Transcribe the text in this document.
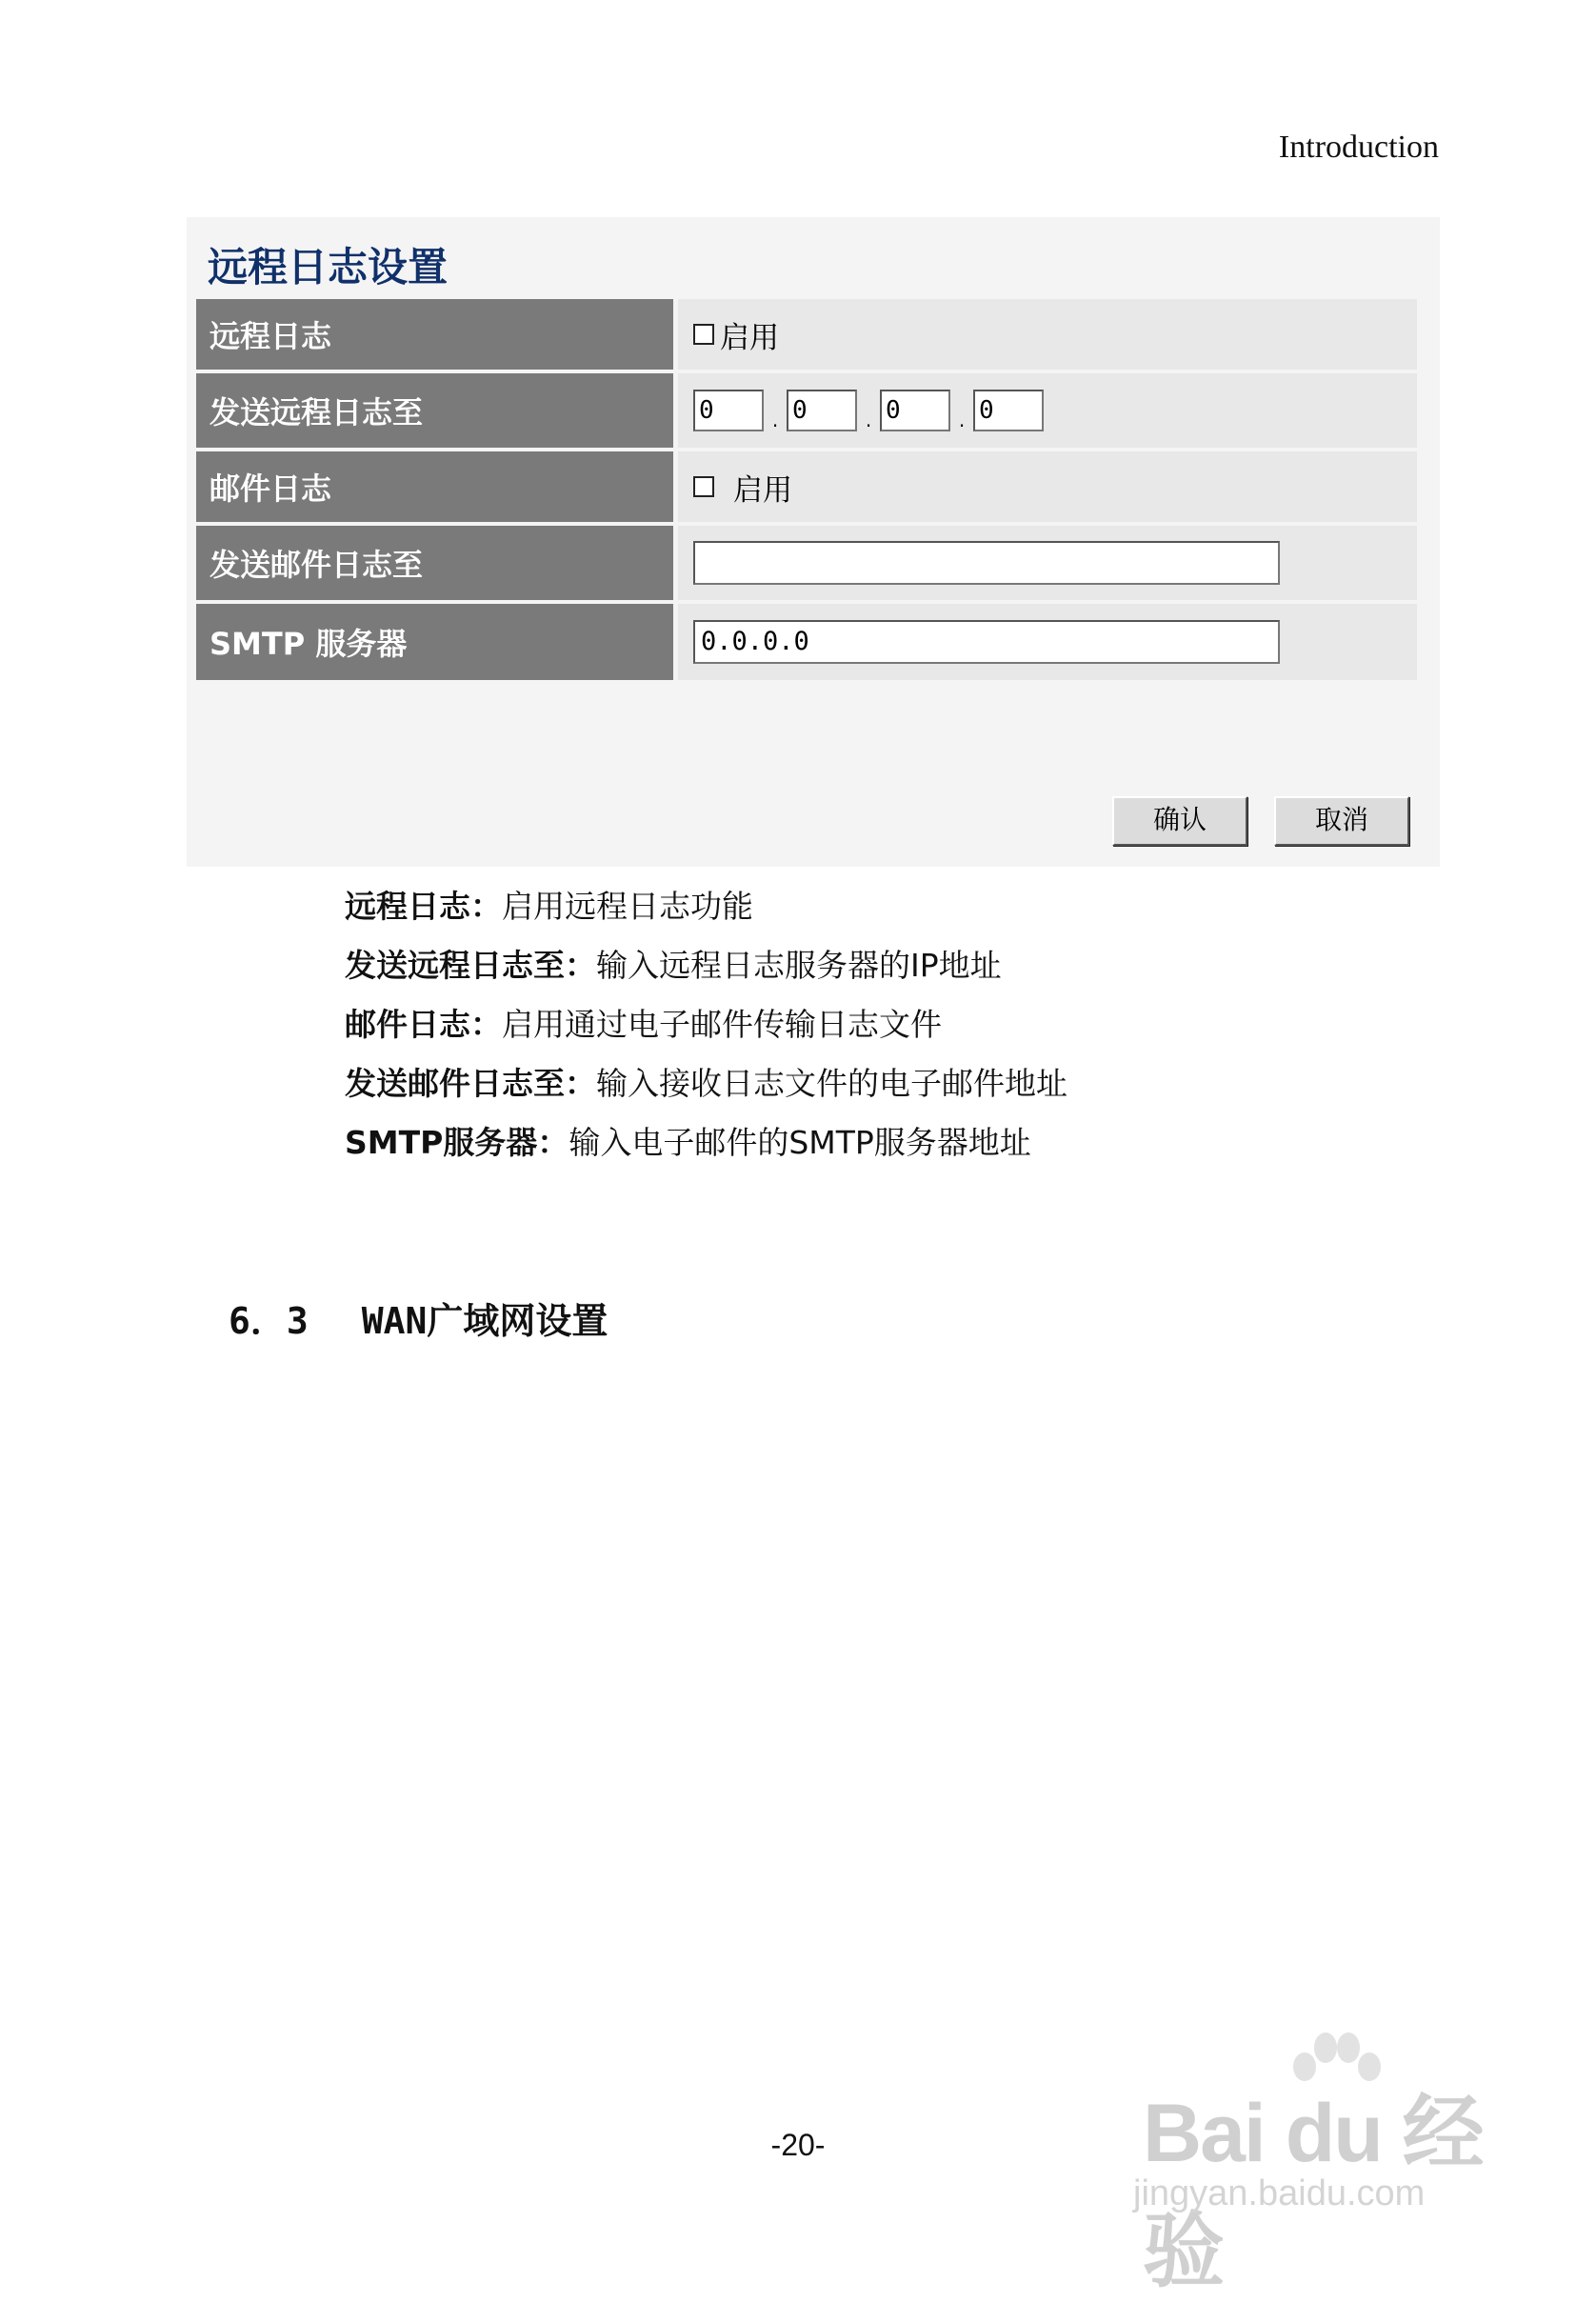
Introduction
远程日志设置
远程日志	启用
发送远程日志至	0 . 0 . 0 . 0
邮件日志	启用
发送邮件日志至	
SMTP 服务器	0.0.0.0
确认	取消
远程日志：启用远程日志功能
发送远程日志至：输入远程日志服务器的IP地址
邮件日志：启用通过电子邮件传输日志文件
发送邮件日志至：输入接收日志文件的电子邮件地址
SMTP服务器：输入电子邮件的SMTP服务器地址
6．3 WAN广域网设置
-20-	Bai du 经验
jingyan.baidu.com
